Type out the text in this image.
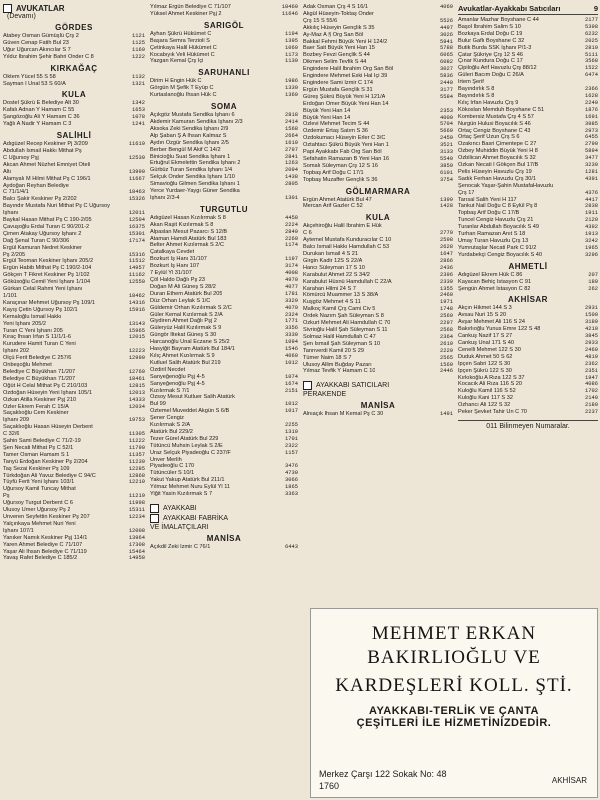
AVUKATLAR
(Devamı)
GÖRDES
Atabey Osman Gümüşlü Çrş 2	1121
Güven Cenap Fatih Bul 23	1125
Uğur Uğurcan Akıncılar S 7	1169
Yıldız İbrahim Şehir Bahri Önder C 8	1222
KIRKAĞAÇ
Öktem Yücel 55 S 58	1132
Sayman İ Ünal 53 S 60/A	1321
KULA
Dostel Şükrü E Belediye Alt 30	1342
Kafalı Adnan Y Hamam C 55	1653
Şangözoğlu Ali Y Hamam C 36	1078
Yağlı A Nadir Y Hamam C 3	1241
SALİHLİ
Adıgüzel Recep Keskiner Pj 3/209	11619
Abdullah İsmail Hakkı Mithat Pş
C Uğursoy Pşj	12539
Akcan Ahmet Nüzhet Emniyet Oteli
Altı	13990
Alamyalı M Hilmi Mithat Pş C 196/1	11667
Aydoğan Reyhan Belediye
C 71/1/4/1	18463
Balcı Şakir Keskiner Pş 2/202	15326
Bayındır Mustafa Nuri Mithat Pş C Uğursoy
İşhanı	12011
Baykal Hasan Mithat Pş C 190-2/05	12504
Çavuşoğlu Erdal Turan C 90/201-2	16375
Çimen Atakay Uğursoy İşhanı 2	15301
Dağ Şenal Turan C 90/306	17174
Ergül Kamuran Nedret Keskiner
Pş 2/205	15316
Ergül Teoman Keskiner İşhanı 205/2	11512
Ergün Habib Mithat Pş C 190/2-104	14957
Gökçen T Fikret Keskiner Pş 1/102	11162
Göküsoğlu Cemil Yeni İşhanı 1/104	12550
Gürkan Celal Rahmi Yeni İşhanı
1/101	18462
Karaçınar Mehmet Uğursoy Pş 109/1	14316
Kayış Çetin Uğursoy Pş 102/1	15916
Kemaloğlu İsmail Hakkı
Yeni İşhanı 205/2	13143
Turan C Yeni İşhanı 205	15965
Kıraç İhsan İrfan S 11/1/1-6	12015
Kurudere Hamit Turan C Yeni
İşhanı 202	12223
Ölçü Ferit Belediye C 257/6	12990
Önbeşoğlu Mehmet
Belediye C Büyükhan 71/207	12760
Belediye C Büyükhan 71/207	18461
Öğüt H Celal Mithat Pş C 210/103	12815
Özdoğan Hüseyin Yeni İşhanı 105/1	12013
Özkan Atilla Keskiner Pşj 210	14333
Özler Ekrem Ferah C 15/A	12034
Saçaklıoğlu Cem Keskiner
İşhanı 209	19753
Saçaklıoğlu Hasan Hüseyin Derbent
C 32/6	11305
Şahin Sami Belediye C 71/2-19	11222
Şen Necati Mithat Pş C 52/1	11790
Tamer Osman Hamam S 1	11357
Tanyü Erdoğan Keskiner Pş 2/204	11239
Taş Sezai Keskiner Pş 109	12285
Türkdoğan Ali Yavuz Belediye C 94/C	12868
Tüyfü Ferit Yeni İşhanı 103/1	12210
Uğursoy Kamil Tuncay Mithat
Pş	11219
Uğursoy Turgut Derbent C 6	11998
Ulusoy Ümer Uğursoy Pş 2	15311
Ünveren Seyfettin Keskiner Pş 207	12234
Yalçınkaya Mehmet Nuri Yeni
İşhanı 107/1	12008
Yanıker Namık Keskiner Pşj 114/1	13964
Yaren Ahmet Belediye C 71/107	17308
Yaşar Ali İhsan Belediye C 71/119	15464
Yavaş Rafet Belediye C 185/2	14958
Yılmaz Ergün Belediye C 71/107	18460
Yüksel Ahmet Keskiner Pşj 2	11646
SARIGÖL
Ayhan Şükrü Hükümet C	1194
Başara Semra Terzioli S	1395
Çetinkaya Halil Hükümet C	1060
Kocabıyık Veli Hükümet C	1173
Yazgan Kemal Çrş İçi	1130
SARUHANLI
Dirim H Engin Hük C	1986
Görgün M Şefik T Eyüp C	1330
Kurtaslanoğlu İhsan Hük C	1360
SOMA
Açıkgöz Mustafa Sendika İşhanı 6	2818
Akdemir Kamuran Sendika İşhanı 2/3	2414
Aksoka Zeki Sendika İşhanı 2/9	1568
Alp Şaban Ş A İhsan Kalmaz S	2664
Aydın Özgür Sendika İşhanı 2/5	1610
Berber Bengül M Akif C 14/2	2797
Binicioğlu Suat Sendika İşhanı 1	2841
Ertuğrul Ekmelettin Sendika İşhanı 2	1263
Gürbüz Turan Sendika İşhanı 1/4	2094
Selçuk Önder Sendika İşhanı 1/10	1438
Simavioğlu Gilmen Sendika İşhanı 1	2805
Yerce Yurdaer-Yaygı Güner Sendika
İşhanı 2/3-4	1301
TURGUTLU
Adıgüzel Hasan Kızılırmak S 8	4458
Akan Raşit Kızılırmak S 8	2224
Alpaslan Mesut Pazarcı S 12/B	2849
Ataman Hamdi Atatürk Bul 183	2260
Belter Ahmet Kızılırmak S 2/C	1174
Çatalkaya Cevdet
Bozkurt İş Hanı 31/107	1197
Bozkurt İş Hanı 107	3174
7 Eylül Yl 31/107	4008
Çöl Haldo Dağlı Pş 23	4970
Doğan M Ali Güneş S 28/2	4077
Duran Ethem Atatürk Bul 205	1781
Düz Orhan Leylak S 1/C	3329
Güldemir Orhan Kızılırmak S 2/C	4070
Güler Kemal Kızılırmak S 2/A	2324
Giydiren Ahmet Dağlı Pşj 2	1771
Güleryüz Halil Kızılırmak S 9	3356
Güngör İltekat Güneş S 30	3330
Harcanoğlu Ünal Eczane S 25/2	1094
Hasyiğit Bayram Atatürk Bul 184/1	1546
Kılıç Ahmet Kızılırmak S 9	4060
Kutluel Salih Atatürk Bul 219	1012
Özdiril Necdet
Sanyeğenoğlu Pşj 4-5	1074
Sanyeğenoğlu Pşj 4-5	1674
Kızılırmak S 7/1	2151
Özsoy Mesut Kutluer Salih Atatürk
Bul 99	1012
Öztemel Muveddet Akgün S 6/B	1017
Şener Cengiz
Kızılırmak S 2/A	2255
Atatürk Bul 229/2	1310
Tezer Gürel Atatürk Bul 229	1701
Tütüncü Muhsin Leylak S 2/E	2322
Uraz Selçuk Piyadeoğlu C 237/F	1157
Ünver Merlih
Piyadeoğlu C 170	3476
Tütüncüler S 10/1	4730
Yakut Yakup Atatürk Bul 211/1	3066
Yılmaz Mehmet Nuru Eylül Yl 11	1865
Yiğit Yasin Kızılırmak S 7	3363
AYAKKABI
AYAKKABI FABRİKA
VE İMALATÇILARI
MANİSA
Açıkdil Zeki İzmir C 76/1	6443
Adak Osman Çrş 4 S 16/1	4069
Akgül Hüseyin-Toktaş Önder
Çrş 15 S 55/6	5526
Akkılıç Hüseyin Gençlik S 35	4497
Ay-Maz A § Org San Böl	3026
Bakkal Fehmi Büyük Yeni H 124/2	5941
Baer Sait Büyük Yeni Han 15	5788
Bozbey Fevzi Gençlik S 44	6065
Dikmen Selim Tevfik S 44	6082
Engindere Halil İbrahim Org San Böl	3027
Engindere Mehmet Eski Hal İçi 39	5836
Engindere Sami İzmir C 174	2440
Ergün Mustafa Gençlik S 31	3177
Güreş Şükrü Büyük Yeni H 121/A	5584
Erdoğan Ömer Büyük Yeni Han 14
Büyük Yeni Han 14	2353
Büyük Yeni Han 14	4009
Özlevi Mehmet Tecim S 44	5704
Özdemir Ertaş Satım S 36	5669
Özdokumacı Hüseyin Erler C 3/C	2459
Öztahtacı Şükrü Büyük Yeni Han 1	3521
Papi Ayakkabı Fab Org San Böl	3133
Sefahatin Ramazan B Yeni Han 16	5540
Somalı Süleyman Çrş 12 S 16	3859
Topbaş Arif Doğu C 17/1	6101
Topbaş Muzaffer Gençlik S 36	3754
GÖLMARMARA
Ergün Ahmet Atatürk Bul 47	1399
Mercan Arif Gazler C 52	1428
KULA
Akçehiroğlu Halil İbrahim E Hük
C 6	2770
Aytemel Mustafa Kunduracılar C 10	2598
Balcı İsmail Hakkı Hamdullah C 53	2628
Durukan İsmail 4 S 21	1647
Girgin Kadir 12S S 22/A	2866
Hancı Süleyman 17 S 10	2436
Karabulut Ahmet 22 S 34/2	2396
Karabulut Hüsnü Hamdullah C 22/A	2339
Karahan Hilmi 24 S 7	1355
Kömürcü Muammer 13 S 38/A	2460
Kuşgöz Mehmet 4 S 11	1971
Malkoç Kamil Çrş Cami Civ 5	1748
Ördek Nazım Şah Süleyman S 8	2569
Özkurt Mehmet Ali Hamdullah C 70	2297
Sivrioğlu Halil Şah Süleyman S 11	2568
Solmaz Halil Hamdullah C 47	2364
Şen İsmail Şah Süleyman S 10	2619
Tanrıverdi Kamil 20 S 29	2229
Tümer Naim 18 S 7	2565
Ulusoy Allim Buğday Pazarı	1569
Yılmaz Tevfik Y Hamam C 10	2446
AYAKKABI SATICILARI
PERAKENDE
MANİSA
Alnıaçık İhsan M Kemal Pş C 30	1491
Avukatlar-Ayakkabı Satıcıları	9
Amanlar Mazhar Boyshane C 44	2177
Başol İbrahim Salim S 10	5398
Bozkaya Erdal Doğu C 19	6232
Bulur Gaflı Boyshane C 32	2025
Butik Burda SSK İşhanı P/1-3	2810
Çatar Şükriye Çrş 12 S 46	5111
Çınar Kundura Doğu C 17	3568
Çipiloğlu Arif Havuzlu Çrş 88/12	1522
Güleri Bacım Doğu C 26/A	6474
İrtem Şerif
Bayındırlık S 8	2366
Bayındırlık S 8	1628
Kılıç İrfan Havuzlu Çrş 9	2240
Kökoslan Memduh Boyshane C 51	1876
Kombersiz Mustafa Çrş 4 S 57	1691
Nurgün Hulusi Boyacılık S 46	3985
Ortaç Cengiz Boyshane C 43	2973
Ortaç Şerif Uzun Çrş S 6	6455
Özakıncı Basri Çimentepe C 27	2790
Özbey Muhiddin Büyük Yeni H 8	5894
Özbilican Ahmet Boyacılık S 32	3477
Özkan Necati İ Gökçen Bul 17/B	3230
Pelis Hüseyin Havuzlu Çrş 19	1281
Sadık Ferhan Havuzlu Çrş 30/1	4391
Şenocak Yaşar-Şahin MustafaHavuzlu
Çrş 17	4376
Tarısal Salih Yeni H 117	4417
Tankut Nail Doğu C 8 Eylül Pş 8	2838
Topbaş Arif Doğu C 17/B	1911
Tuncel Cengiz Havuzlu Çrş 21	2120
Turanlar Abdullah Boyacılık S 49	4392
Turhan Ramazan Anıt S 18	1913
Umay Turan Havuzlu Çrş 13	3242
Yumrutaşlar Necati Park C 91/2	1965
Yurdabekçi Cengiz Boyacılık S 40	3296
AHMETLİ
Adıgüzel Ekrem Hük C 86	207
Kayacan Behiç İstasyon C 91	189
Şengün Ahmet İstasyon C 82	262
AKHİSAR
Akçın Hikmet 144 S 3	2931
Avsau Nuri 15 S 20	1500
Avşar Mehmet Ali 116 S 24	3189
Bakırlıoğlu Yunus Emre 122 S 48	4210
Cankuş Nazif 17 S 27	3845
Cankuş Ünal 171 S 40	2933
Cenelli Mehmet 122 S 30	2460
Duduk Ahmet 50 S 62	4810
İpçen Sabri 122 S 30	2362
İpçen Şükrü 122 S 30	2351
Kırkıkoğlu A Rıza 122 S 37	1947
Kocacık Ali Rıza 116 S 20	4086
Kuloğlu Kamil 116 S 52	1702
Kuloğlu Kani 117 S 32	2140
Özhancı Ali 122 S 32	2180
Peker Şevket Tahir Ün C 70	2237
011 Bilinmeyen Numaralar.
MEHMET ERKAN
BAKIRLIOĞLU VE
KARDEŞLERİ KOLL. ŞTİ.
AYAKKABI-TERLİK VE ÇANTA
ÇEŞİTLERİ İLE HİZMETİNİZDEDİR.
Merkez Çarşı 122 Sokak No: 48
1760
AKHİSAR
